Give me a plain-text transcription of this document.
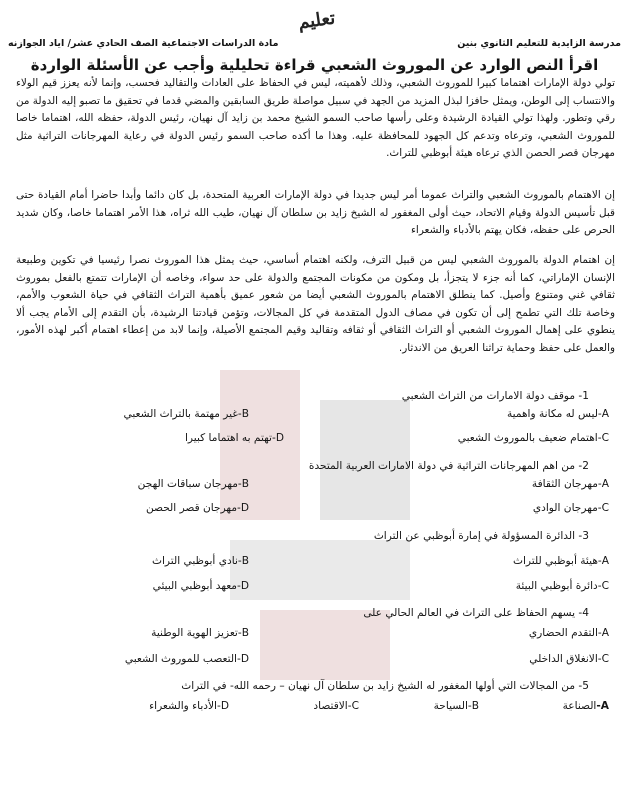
تعليم
مدرسة الزايدية للتعليم الثانوي بنين
مادة الدراسات الاجتماعية الصف الحادي عشر/ اياد الجوازنه
اقرأ النص الوارد عن الموروث الشعبي قراءة تحليلية وأجب عن الأسئلة الواردة

تولي دولة الإمارات اهتماما كبيرا للموروث الشعبي، وذلك لأهميته، ليس في الحفاظ على العادات والتقاليد فحسب، وإنما لأنه يعزز قيم الولاء والانتساب إلى الوطن، ويمثل حافزا لبذل المزيد من الجهد في سبيل مواصلة طريق السابقين والمضي قدما في تحقيق ما تصبو إليه الدولة من رقي وتطور. ولهذا تولي القيادة الرشيدة وعلى رأسها صاحب السمو الشيخ محمد بن زايد آل نهيان، رئيس الدولة، حفظه الله، اهتماما خاصا للموروث الشعبي، وترعاه وتدعم كل الجهود للمحافظة عليه. وهذا ما أكده صاحب السمو رئيس الدولة في رعاية المهرجانات التراثية مثل مهرجان قصر الحصن الذي ترعاه هيئة أبوظبي للتراث.

إن الاهتمام بالموروث الشعبي والتراث عموما أمر ليس جديدا في دولة الإمارات العربية المتحدة، بل كان دائما وأبدا حاضرا أمام القيادة حتى قبل تأسيس الدولة وقيام الاتحاد، حيث أولى المغفور له الشيخ زايد بن سلطان آل نهيان، طيب الله ثراه، هذا الأمر اهتماما خاصا، وكان شديد الحرص على حفظه، فكان يهتم بالأدباء والشعراء

إن اهتمام الدولة بالموروث الشعبي ليس من قبيل الترف، ولكنه اهتمام أساسي، حيث يمثل هذا الموروث نصرا رئيسيا في تكوين وطبيعة الإنسان الإماراتي، كما أنه جزء لا يتجزأ، بل ومكون من مكونات المجتمع والدولة على حد سواء، وخاصه أن الإمارات تتمتع بالفعل بموروث ثقافي غني ومتنوع وأصيل. كما ينطلق الاهتمام بالموروث الشعبي أيضا من شعور عميق بأهمية التراث الثقافي في حياة الشعوب والأمم، وخاصة تلك التي تطمح إلى أن تكون في مصاف الدول المتقدمة في كل المجالات، وتؤمن قيادتنا الرشيدة، بأن التقدم إلى الأمام يجب ألا ينطوي على إهمال الموروث الشعبي أو التراث الثقافي أو ثقافه وتقاليد وقيم المجتمع الأصيلة، وإنما لابد من إعطاء اهتمام أكبر لهذه الأمور، والعمل على حفظ وحماية تراثنا العريق من الاندثار.

1- موقف دولة الامارات من التراث الشعبي
A-ليس له مكانة واهمية
B-غير مهتمة بالتراث الشعبي
C-اهتمام ضعيف بالموروث الشعبي
D-تهتم به اهتماما كبيرا
2- من اهم المهرجانات التراثية في دولة الامارات العربية المتحدة
A-مهرجان الثقافة
B-مهرجان سباقات الهجن
C-مهرجان الوادي
D-مهرجان قصر الحصن
3- الدائرة المسؤولة في إمارة أبوظبي عن التراث
A-هيئة أبوظبي للتراث
B-نادي أبوظبي التراث
C-دائرة أبوظبي البيئة
D-معهد أبوظبي البيئي
4- يسهم الحفاظ على التراث في العالم الحالي على
A-التقدم الحضاري
B-تعزيز الهوية الوطنية
C-الانغلاق الداخلي
D-التعصب للموروث الشعبي
5- من المجالات التي أولها المغفور له الشيخ زايد بن سلطان آل نهيان – رحمه الله- في التراث
A-الصناعة
B-السياحة
C-الاقتصاد
D-الأدباء والشعراء
